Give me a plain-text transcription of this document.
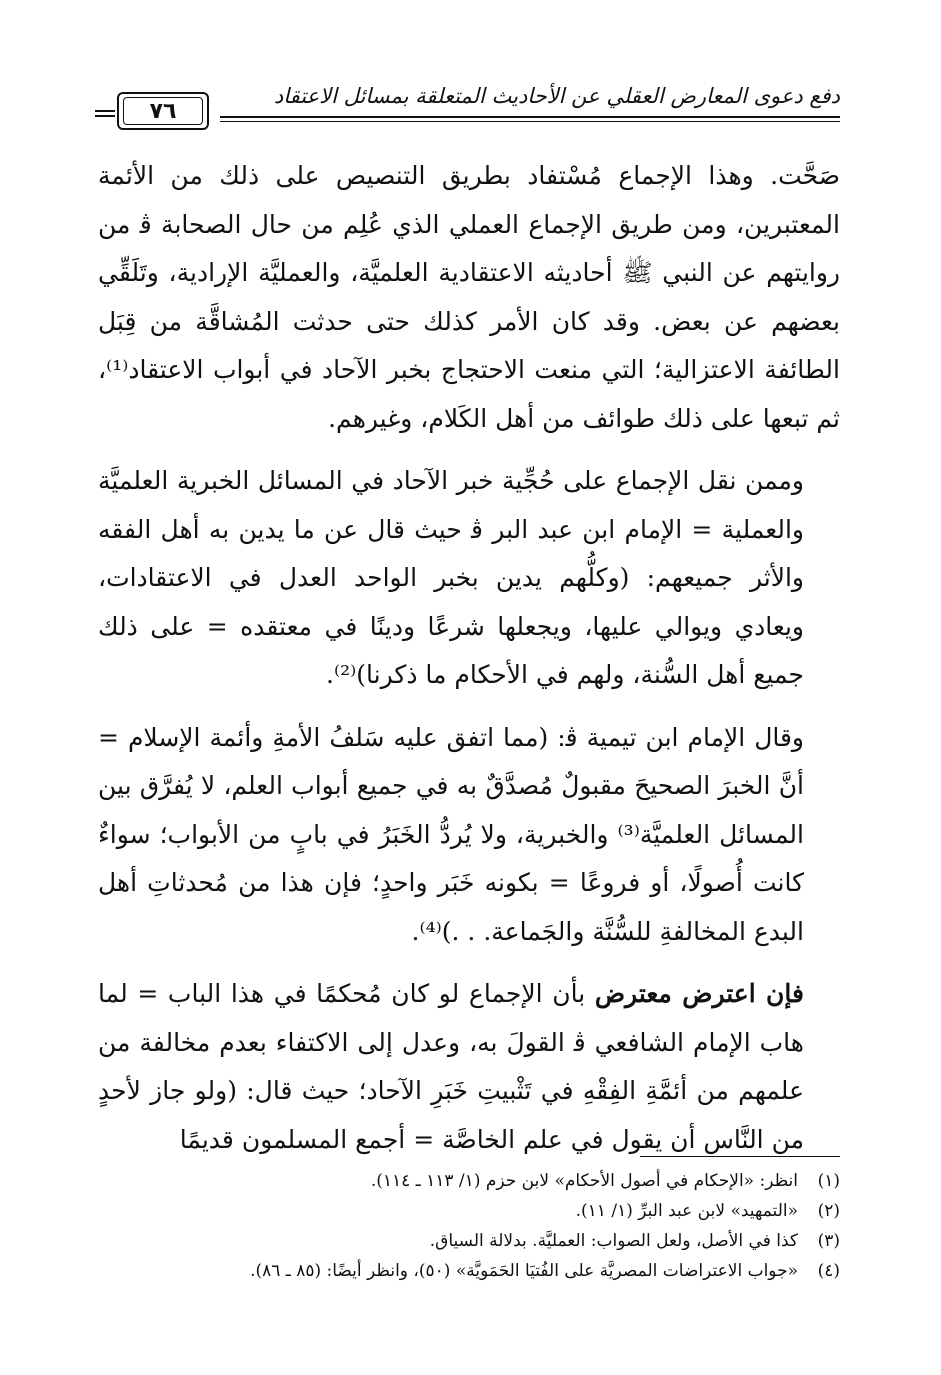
٧٦
دفع دعوى المعارض العقلي عن الأحاديث المتعلقة بمسائل الاعتقاد

صَحَّت. وهذا الإجماع مُسْتفاد بطريق التنصيص على ذلك من الأئمة المعتبرين، ومن طريق الإجماع العملي الذي عُلِم من حال الصحابة ﭬ من روايتهم عن النبي ﷺ أحاديثه الاعتقادية العلميَّة، والعمليَّة الإرادية، وتَلَقِّي بعضهم عن بعض. وقد كان الأمر كذلك حتى حدثت المُشاقَّة من قِبَل الطائفة الاعتزالية؛ التي منعت الاحتجاج بخبر الآحاد في أبواب الاعتقاد⁽¹⁾، ثم تبعها على ذلك طوائف من أهل الكَلام، وغيرهم.

وممن نقل الإجماع على حُجِّية خبر الآحاد في المسائل الخبرية العلميَّة والعملية = الإمام ابن عبد البر ﭬ حيث قال عن ما يدين به أهل الفقه والأثر جميعهم: (وكلُّهم يدين بخبر الواحد العدل في الاعتقادات، ويعادي ويوالي عليها، ويجعلها شرعًا ودينًا في معتقده = على ذلك جميع أهل السُّنة، ولهم في الأحكام ما ذكرنا)⁽²⁾.

وقال الإمام ابن تيمية ﭬ: (مما اتفق عليه سَلفُ الأمةِ وأئمة الإسلام = أنَّ الخبرَ الصحيحَ مقبولٌ مُصدَّقٌ به في جميع أبواب العلم، لا يُفرَّق بين المسائل العلميَّة⁽³⁾ والخبرية، ولا يُردُّ الخَبَرُ في بابٍ من الأبواب؛ سواءٌ كانت أُصولًا، أو فروعًا = بكونه خَبَر واحدٍ؛ فإن هذا من مُحدثاتِ أهل البدع المخالفةِ للسُّنَّة والجَماعة. . .)⁽⁴⁾.

فإن اعترض معترض بأن الإجماع لو كان مُحكمًا في هذا الباب = لما هاب الإمام الشافعي ﭬ القولَ به، وعدل إلى الاكتفاء بعدم مخالفة من علمهم من أئمَّةِ الفِقْهِ في تَثْبيتِ خَبَرِ الآحاد؛ حيث قال: (ولو جاز لأحدٍ من النَّاس أن يقول في علم الخاصَّة = أجمع المسلمون قديمًا

(١)انظر: «الإحكام في أصول الأحكام» لابن حزم (١/ ١١٣ ـ ١١٤).

(٢)«التمهيد» لابن عبد البرِّ (١/ ١١).

(٣)كذا في الأصل، ولعل الصواب: العمليَّة. بدلالة السياق.

(٤)«جواب الاعتراضات المصريَّة على الفُتيَا الحَمَويَّة» (٥٠)، وانظر أيضًا: (٨٥ ـ ٨٦).
